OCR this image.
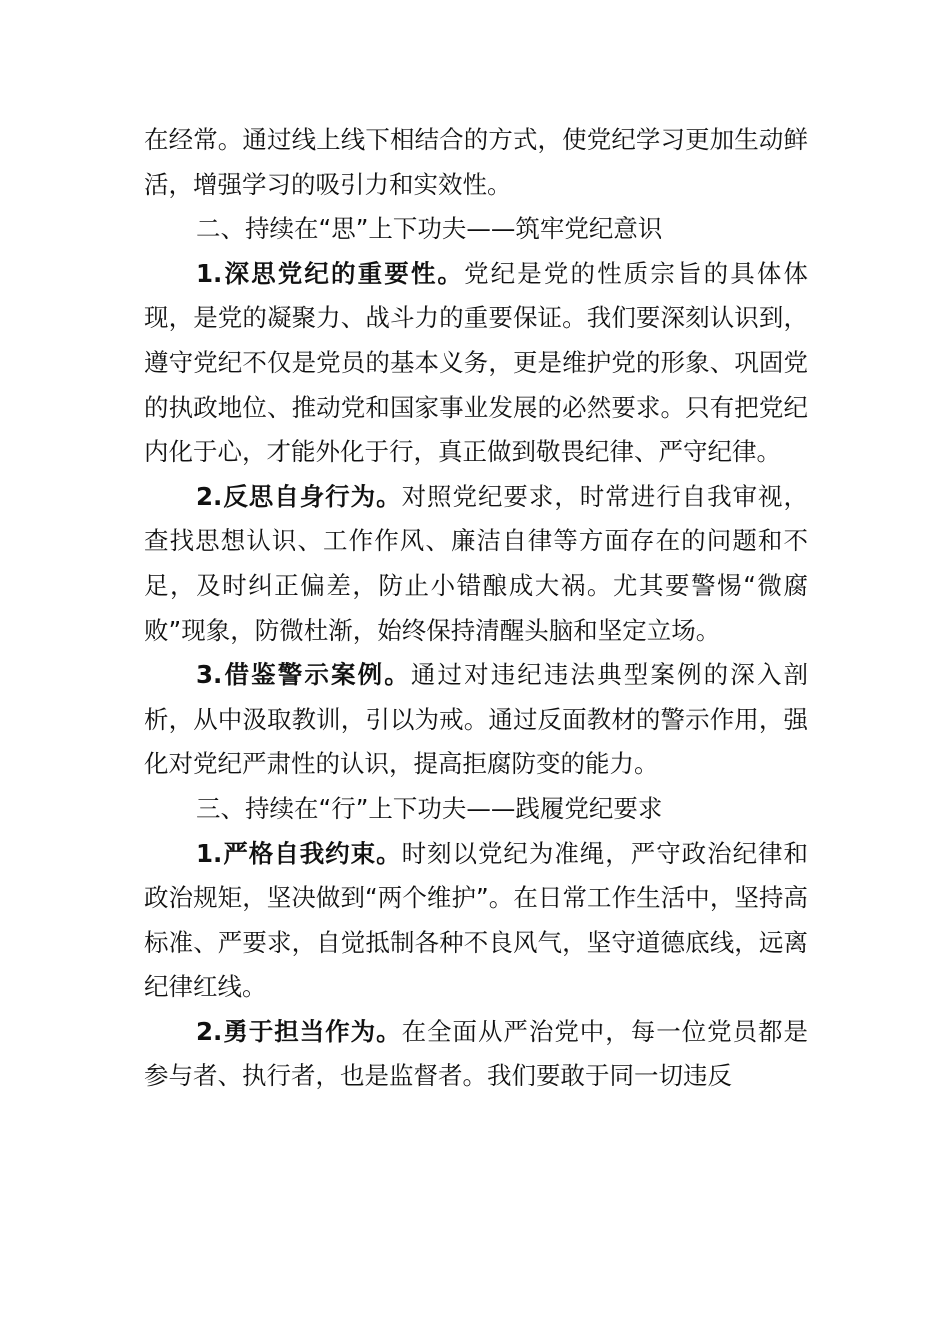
在经常。通过线上线下相结合的方式，使党纪学习更加生动鲜活，增强学习的吸引力和实效性。

二、持续在“思”上下功夫——筑牢党纪意识

1.深思党纪的重要性。党纪是党的性质宗旨的具体体现，是党的凝聚力、战斗力的重要保证。我们要深刻认识到，遵守党纪不仅是党员的基本义务，更是维护党的形象、巩固党的执政地位、推动党和国家事业发展的必然要求。只有把党纪内化于心，才能外化于行，真正做到敬畏纪律、严守纪律。

2.反思自身行为。对照党纪要求，时常进行自我审视，查找思想认识、工作作风、廉洁自律等方面存在的问题和不足，及时纠正偏差，防止小错酿成大祸。尤其要警惕“微腐败”现象，防微杜渐，始终保持清醒头脑和坚定立场。

3.借鉴警示案例。通过对违纪违法典型案例的深入剖析，从中汲取教训，引以为戒。通过反面教材的警示作用，强化对党纪严肃性的认识，提高拒腐防变的能力。

三、持续在“行”上下功夫——践履党纪要求

1.严格自我约束。时刻以党纪为准绳，严守政治纪律和政治规矩，坚决做到“两个维护”。在日常工作生活中，坚持高标准、严要求，自觉抵制各种不良风气，坚守道德底线，远离纪律红线。

2.勇于担当作为。在全面从严治党中，每一位党员都是参与者、执行者，也是监督者。我们要敢于同一切违反
